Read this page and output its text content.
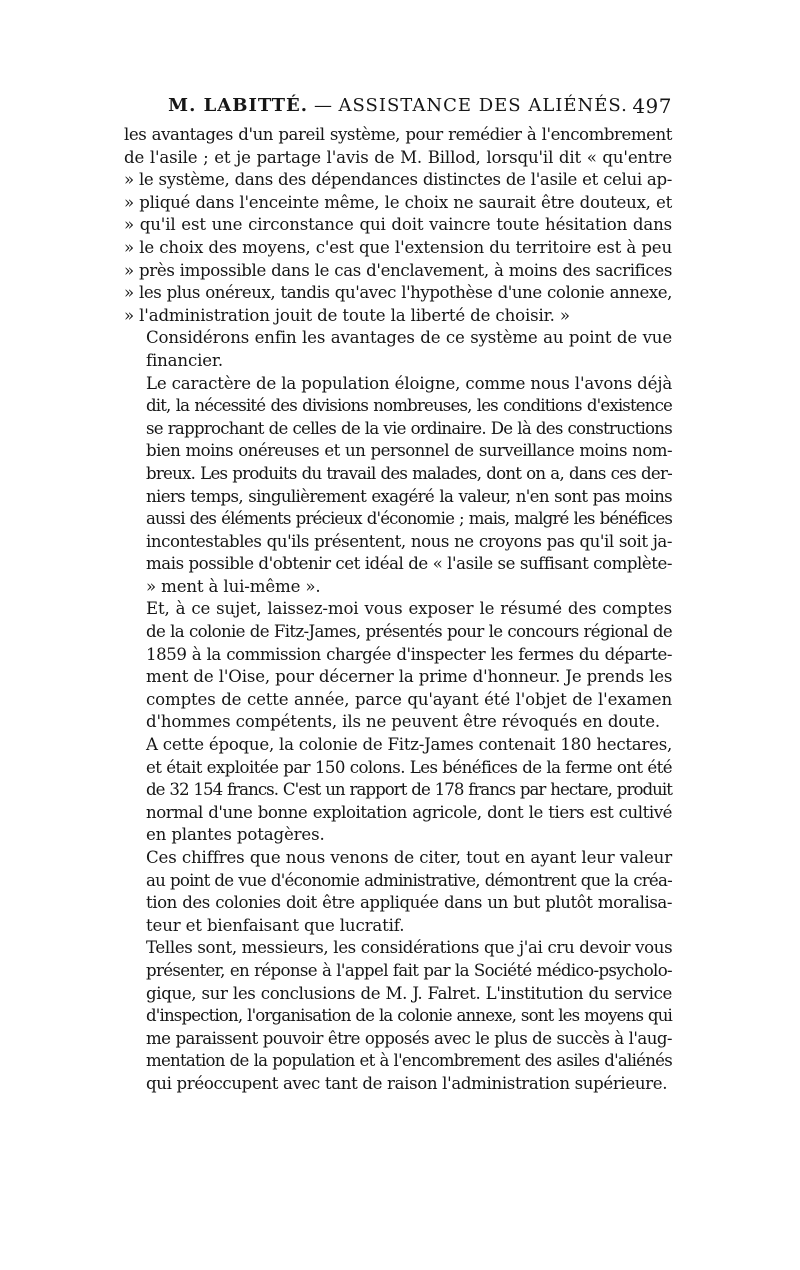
M. LABITTÉ. — ASSISTANCE DES ALIÉNÉS. 497

les avantages d'un pareil système, pour remédier à l'encombrement
de l'asile ; et je partage l'avis de M. Billod, lorsqu'il dit « qu'entre
» le système, dans des dépendances distinctes de l'asile et celui ap-
» pliqué dans l'enceinte même, le choix ne saurait être douteux, et
» qu'il est une circonstance qui doit vaincre toute hésitation dans
» le choix des moyens, c'est que l'extension du territoire est à peu
» près impossible dans le cas d'enclavement, à moins des sacrifices
» les plus onéreux, tandis qu'avec l'hypothèse d'une colonie annexe,
» l'administration jouit de toute la liberté de choisir. »

Considérons enfin les avantages de ce système au point de vue
financier.

Le caractère de la population éloigne, comme nous l'avons déjà
dit, la nécessité des divisions nombreuses, les conditions d'existence
se rapprochant de celles de la vie ordinaire. De là des constructions
bien moins onéreuses et un personnel de surveillance moins nom-
breux. Les produits du travail des malades, dont on a, dans ces der-
niers temps, singulièrement exagéré la valeur, n'en sont pas moins
aussi des éléments précieux d'économie ; mais, malgré les bénéfices
incontestables qu'ils présentent, nous ne croyons pas qu'il soit ja-
mais possible d'obtenir cet idéal de « l'asile se suffisant complète-
» ment à lui-même ».

Et, à ce sujet, laissez-moi vous exposer le résumé des comptes
de la colonie de Fitz-James, présentés pour le concours régional de
1859 à la commission chargée d'inspecter les fermes du départe-
ment de l'Oise, pour décerner la prime d'honneur. Je prends les
comptes de cette année, parce qu'ayant été l'objet de l'examen
d'hommes compétents, ils ne peuvent être révoqués en doute.

A cette époque, la colonie de Fitz-James contenait 180 hectares,
et était exploitée par 150 colons. Les bénéfices de la ferme ont été
de 32 154 francs. C'est un rapport de 178 francs par hectare, produit
normal d'une bonne exploitation agricole, dont le tiers est cultivé
en plantes potagères.

Ces chiffres que nous venons de citer, tout en ayant leur valeur
au point de vue d'économie administrative, démontrent que la créa-
tion des colonies doit être appliquée dans un but plutôt moralisa-
teur et bienfaisant que lucratif.

Telles sont, messieurs, les considérations que j'ai cru devoir vous
présenter, en réponse à l'appel fait par la Société médico-psycholo-
gique, sur les conclusions de M. J. Falret. L'institution du service
d'inspection, l'organisation de la colonie annexe, sont les moyens qui
me paraissent pouvoir être opposés avec le plus de succès à l'aug-
mentation de la population et à l'encombrement des asiles d'aliénés
qui préoccupent avec tant de raison l'administration supérieure.
